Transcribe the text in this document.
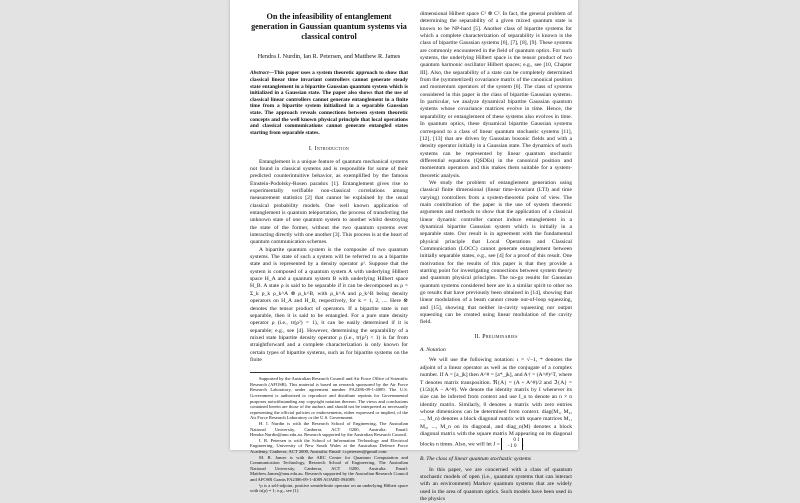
On the infeasibility of entanglement generation in Gaussian quantum systems via classical control
Hendra I. Nurdin, Ian R. Petersen, and Matthew R. James
Abstract—This paper uses a system theoretic approach to show that classical linear time invariant controllers cannot generate steady state entanglement in a bipartite Gaussian quantum system which is initialized in a Gaussian state. The paper also shows that the use of classical linear controllers cannot generate entanglement in a finite time from a bipartite system initialized in a separable Gaussian state. The approach reveals connections between system theoretic concepts and the well known physical principle that local operations and classical communications cannot generate entangled states starting from separable states.
I. Introduction

Entanglement is a unique feature of quantum mechanical systems not found in classical systems and is responsible for some of their predicted counterintuitive behavior, as exemplified by the famous Einstein-Podolsky-Rosen paradox [1]. Entanglement gives rise to experimentally verifiable non-classical correlations among measurement statistics [2] that cannot be explained by the usual classical probability models. One well known application of entanglement is quantum teleportation, the process of transferring the unknown state of one quantum system to another whilst destroying the state of the former, without the two quantum systems ever interacting directly with one another [3]. This process is at the heart of quantum communication schemes.

A bipartite quantum system is the composite of two quantum systems. The state of such a system will be referred to as a bipartite state and is represented by a density operator ρ¹. Suppose that the system is composed of a quantum system A with underlying Hilbert space H_A and a quantum system B with underlying Hilbert space H_B. A state ρ is said to be separable if it can be decomposed as ρ = Σ_k p_k ρ_k^A ⊗ ρ_k^B, with ρ_k^A and ρ_k^B being density operators on H_A and H_B, respectively, for k = 1, 2, .... Here ⊗ denotes the tensor product of operators. If a bipartite state is not separable, then it is said to be entangled. For a pure state density operator ρ (i.e., tr(ρ²) = 1), it can be easily determined if it is separable; e.g., see [4]. However, determining the separability of a mixed state bipartite density operator ρ (i.e., tr(ρ²) < 1) is far from straightforward and a complete characterization is only known for certain types of bipartite systems, such as for bipartite systems on the finite

Supported by the Australian Research Council and Air Force Office of Scientific Research (AFOSR). This material is based on research sponsored by the Air Force Research Laboratory, under agreement number FA2386-09-1-4089. The U.S. Government is authorized to reproduce and distribute reprints for Governmental purposes notwithstanding any copyright notation thereon. The views and conclusions contained herein are those of the authors and should not be interpreted as necessarily representing the official policies or endorsements, either expressed or implied, of the Air Force Research Laboratory or the U.S. Government.

H. I. Nurdin is with the Research School of Engineering, The Australian National University, Canberra, ACT 0200, Australia. Email: Hendra.Nurdin@anu.edu.au. Research supported by the Australian Research Council.

I. R. Petersen is with the School of Information Technology and Electrical Engineering, University of New South Wales at the Australian Defence Force Academy, Canberra, ACT 2600, Australia. Email: i.r.petersen@gmail.com.

M. R. James is with the ARC Centre for Quantum Computation and Communication Technology, Research School of Engineering, The Australian National University, Canberra, ACT 0200, Australia. Email: Matthew.James@anu.edu.au. Research supported by the Australian Research Council and AFOSR Grants FA2386-09-1-4089 AOARD 094089.

¹ρ is a self-adjoint, positive semidefinite operator on an underlying Hilbert space with tr(ρ) = 1; e.g., see [1].

dimensional Hilbert space C² ⊗ C². In fact, the general problem of determining the separability of a given mixed quantum state is known to be NP-hard [5]. Another class of bipartite systems for which a complete characterization of separability is known is the class of bipartite Gaussian systems [6], [7], [8], [9]. These systems are commonly encountered in the field of quantum optics. For such systems, the underlying Hilbert space is the tensor product of two quantum harmonic oscillator Hilbert spaces; e.g., see [10, Chapter III]. Also, the separability of a state can be completely determined from the (symmetrized) covariance matrix of the canonical position and momentum operators of the system [6]. The class of systems considered in this paper is the class of bipartite Gaussian systems. In particular, we analyze dynamical bipartite Gaussian quantum systems whose covariance matrices evolve in time. Hence, the separability or entanglement of these systems also evolves in time. In quantum optics, these dynamical bipartite Gaussian systems correspond to a class of linear quantum stochastic systems [11], [12], [13] that are driven by Gaussian bosonic fields and with a density operator initially in a Gaussian state. The dynamics of such systems can be represented by linear quantum stochastic differential equations (QSDEs) in the canonical position and momentum operators and this makes them suitable for a system-theoretic analysis.

We study the problem of entanglement generation using classical finite dimensional (linear time-invariant (LTI) and time varying) controllers from a system-theoretic point of view. The main contribution of the paper is the use of system theoretic arguments and methods to show that the application of a classical linear dynamic controller cannot induce entanglement in a dynamical bipartite Gaussian system which is initially in a separable state. Our result is in agreement with the fundamental physical principle that Local Operations and Classical Communication (LOCC) cannot generate entanglement between initially separable states, e.g., see [4] for a proof of this result. One motivation for the results of this paper is that they provide a starting point for investigating connections between system theory and quantum physical principles. The no-go results for Gaussian quantum systems considered here are in a similar spirit to other no go results that have previously been obtained in [14], showing that linear modulation of a beam cannot create out-of-loop squeezing, and [15], showing that neither in-cavity squeezing nor output squeezing can be created using linear modulation of the cavity field.

II. Preliminaries
A. Notation

We will use the following notation: ι = √−1, * denotes the adjoint of a linear operator as well as the conjugate of a complex number. If A = [a_jk] then A^# = [a*_jk], and A† = (A^#)^T, where T denotes matrix transposition. ℜ{A} = (A + A^#)/2 and ℑ{A} = (1/2ι)(A − A^#). We denote the identity matrix by I whenever its size can be inferred from context and use I_n to denote an n × n identity matrix. Similarly, 0 denotes a matrix with zero entries whose dimensions can be determined from context. diag(M₁, M₂, ..., M_n) denotes a block diagonal matrix with square matrices M₁, M₂, ..., M_n on its diagonal, and diag_n(M) denotes a block diagonal matrix with the square matrix M appearing on its diagonal blocks n times. Also, we will let J = 0 1
−1 0 .

B. The class of linear quantum stochastic systems

In this paper, we are concerned with a class of quantum stochastic models of open (i.e., quantum systems that can interact with an environment) Markov quantum systems that are widely used in the area of quantum optics. Such models have been used in the physics
